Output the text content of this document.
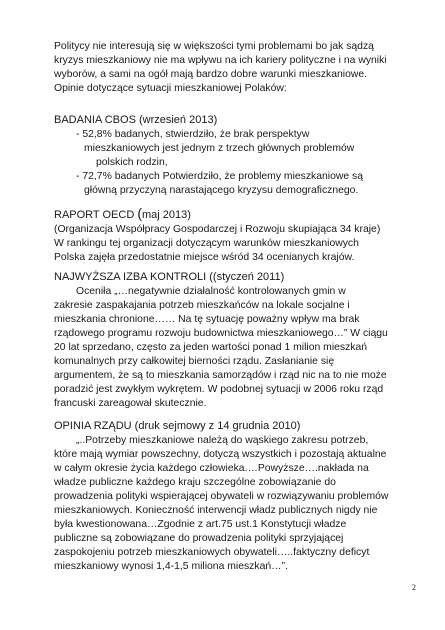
Politycy nie interesują się w większości tymi problemami bo jak sądzą
kryzys mieszkaniowy nie ma wpływu na ich kariery polityczne i na wyniki
wyborów, a sami na ogół mają bardzo dobre warunki mieszkaniowe.
Opinie dotyczące sytuacji mieszkaniowej Polaków:
BADANIA CBOS (wrzesień 2013)
- 52,8% badanych, stwierdziło, że brak perspektyw
mieszkaniowych jest jednym z trzech głównych problemów
polskich rodzin,
- 72,7% badanych Potwierdziło, że problemy mieszkaniowe są
główną przyczyną narastającego kryzysu demograficznego.
RAPORT OECD (maj 2013)
(Organizacja Współpracy Gospodarczej i Rozwoju skupiająca 34 kraje)
W rankingu tej organizacji dotyczącym warunków mieszkaniowych
Polska zajęła przedostatnie miejsce wśród 34 ocenianych krajów.
NAJWYŻSZA IZBA KONTROLI ((styczeń 2011)
Oceniła „…negatywnie działalność kontrolowanych gmin w
zakresie zaspakajania potrzeb mieszkańców na lokale socjalne i
mieszkania chronione…… Na tę sytuację poważny wpływ ma brak
rządowego programu rozwoju budownictwa mieszkaniowego…” W ciągu
20 lat sprzedano, często za jeden wartości ponad 1 milion mieszkań
komunalnych przy całkowitej bierności rządu. Zasłanianie się
argumentem, że są to mieszkania samorządów i rząd nic na to nie może
poradzić jest zwykłym wykrętem. W podobnej sytuacji w 2006 roku rząd
francuski zareagował skutecznie.
OPINIA RZĄDU (druk sejmowy z 14 grudnia 2010)
„..Potrzeby mieszkaniowe należą do wąskiego zakresu potrzeb,
które mają wymiar powszechny, dotyczą wszystkich i pozostają aktualne
w całym okresie życia każdego człowieka.…Powyższe….nakłada na
władze publiczne każdego kraju szczególne zobowiązanie do
prowadzenia polityki wspierającej obywateli w rozwiązywaniu problemów
mieszkaniowych. Konieczność interwencji władz publicznych nigdy nie
była kwestionowana…Zgodnie z art.75 ust.1 Konstytucji władze
publiczne są zobowiązane do prowadzenia polityki sprzyjającej
zaspokojeniu potrzeb mieszkaniowych obywateli…..faktyczny deficyt
mieszkaniowy wynosi 1,4-1,5 miliona mieszkań…”.
2
